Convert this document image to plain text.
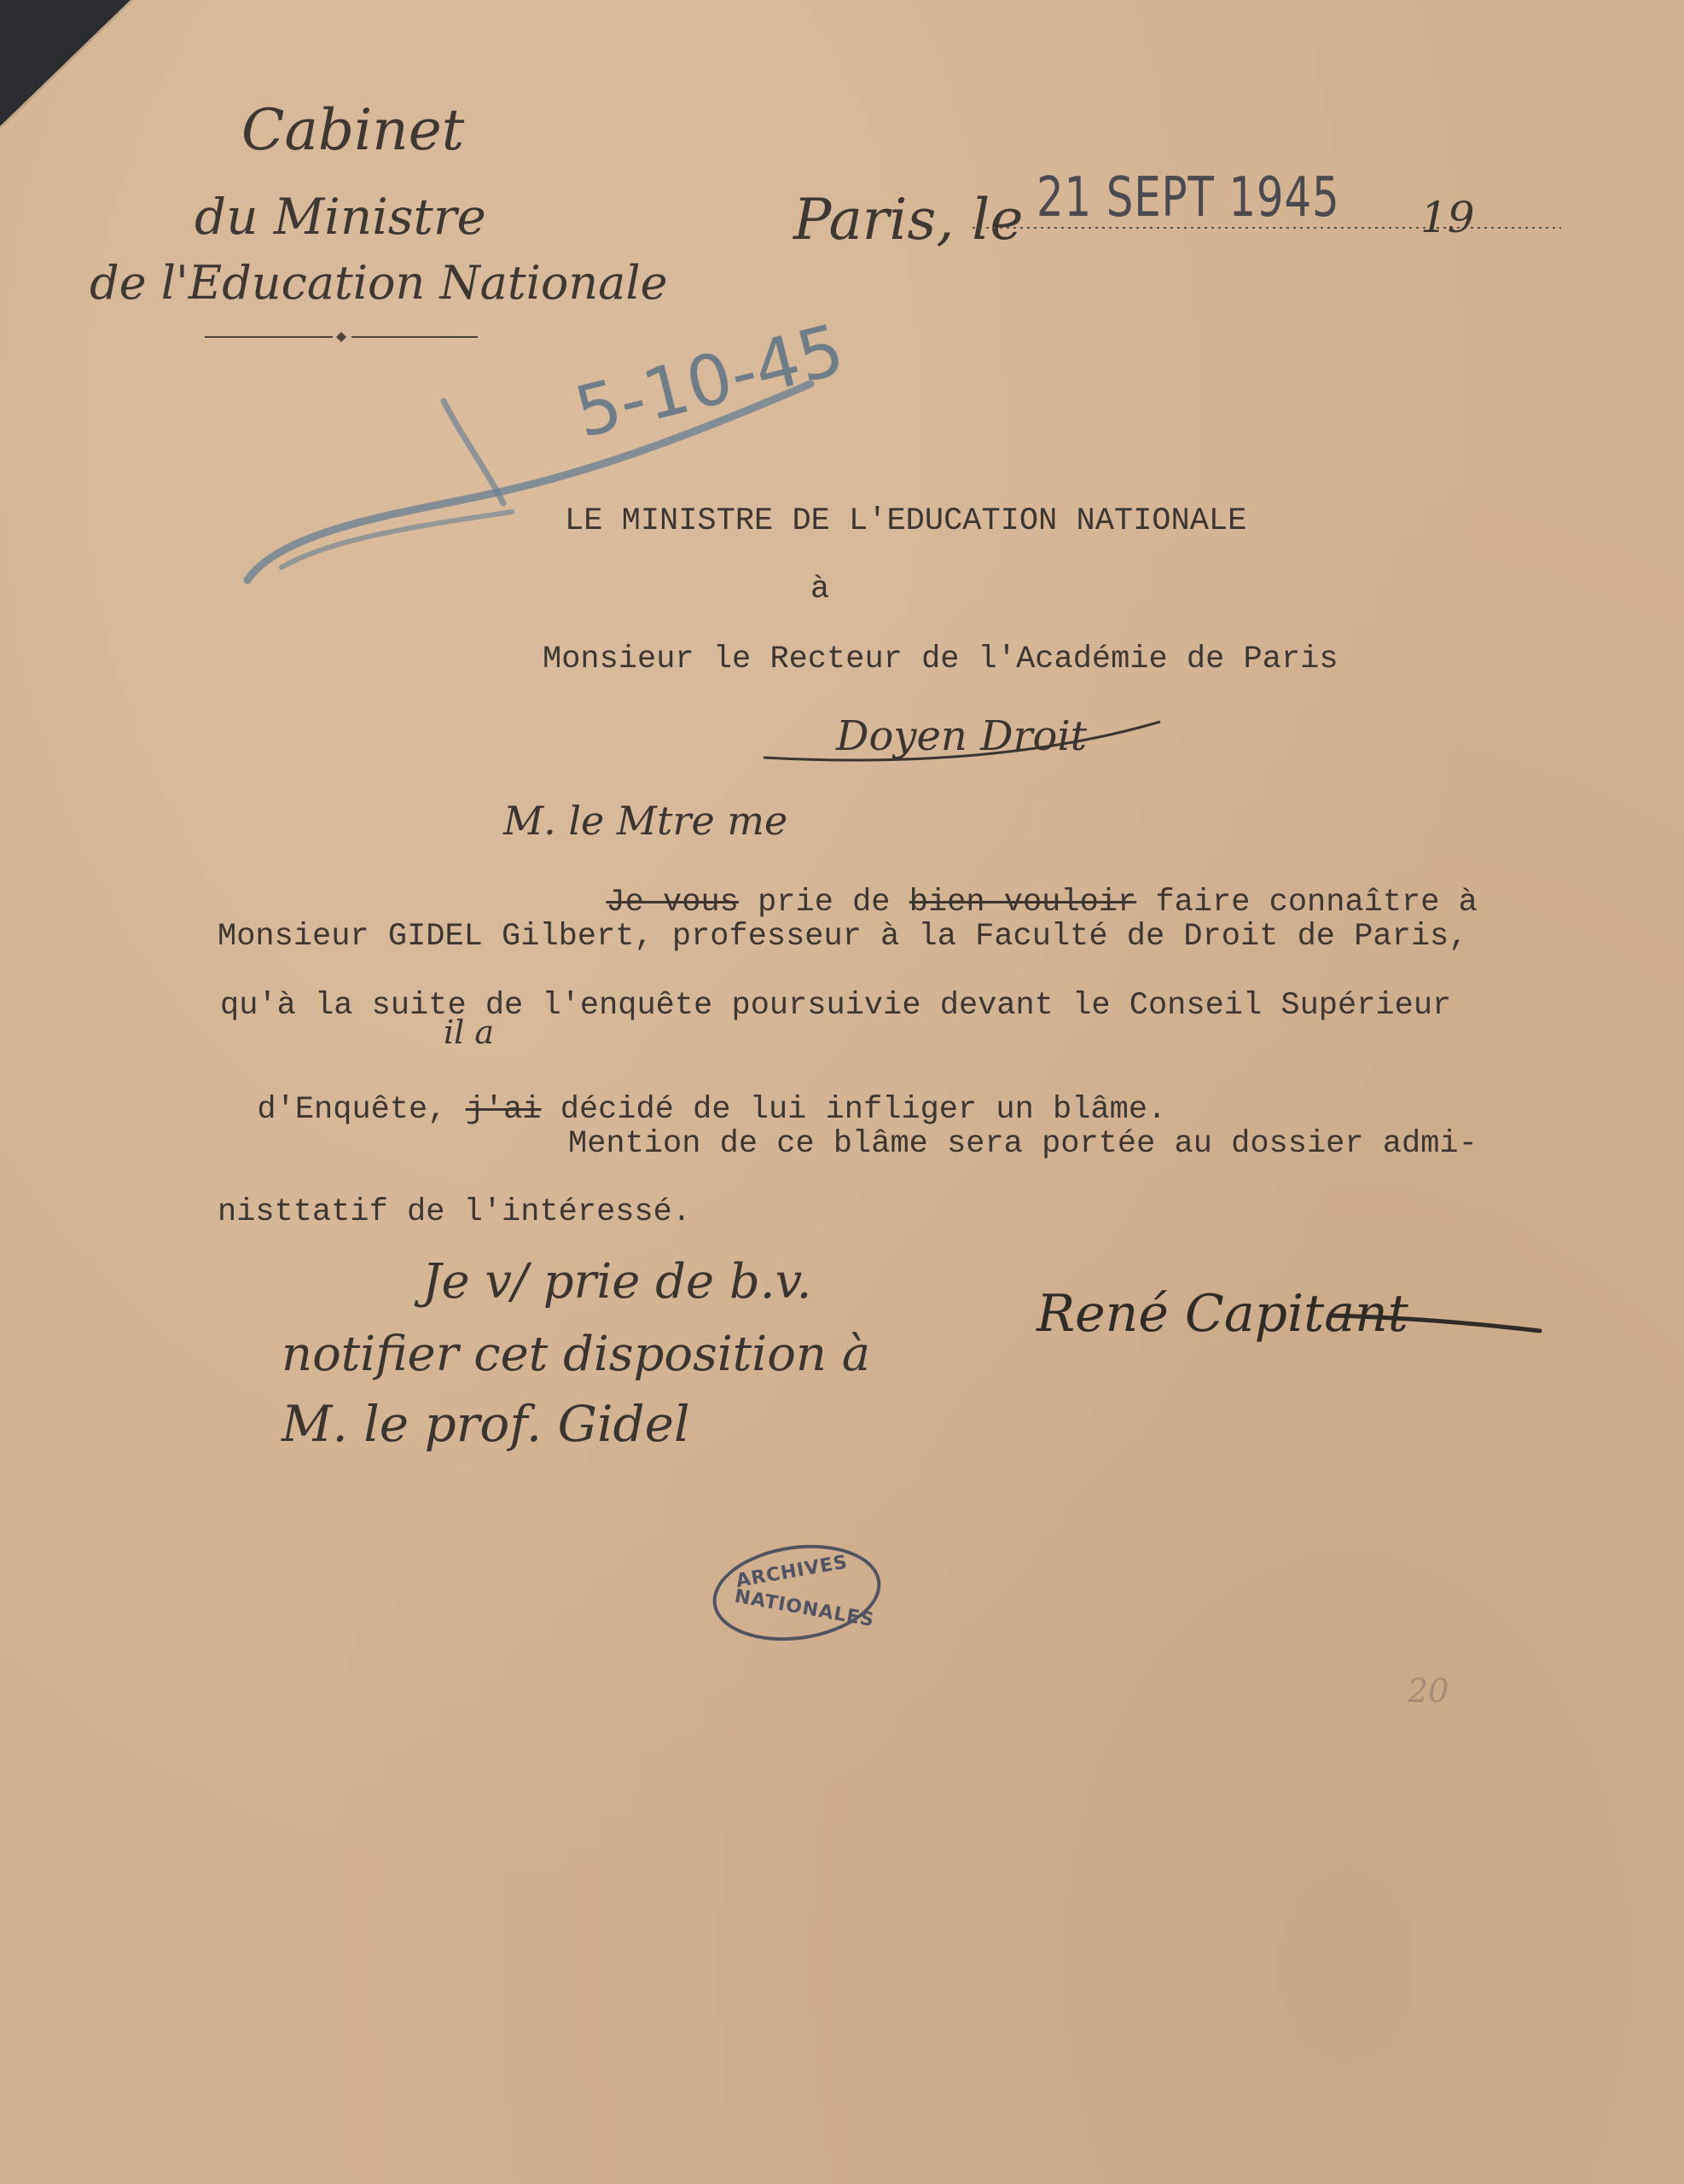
Cabinet
du Ministre
de l'Education Nationale
Paris, le 21 SEPT 1945 19
5-10-45
LE MINISTRE DE L'EDUCATION NATIONALE
à
Monsieur le Recteur de l'Académie de Paris
Doyen Droit
M. le Mtre me

Je vous prie de bien vouloir faire connaître à

Monsieur GIDEL Gilbert, professeur à la Faculté de Droit de Paris,
qu'à la suite de l'enquête poursuivie devant le Conseil Supérieur
il a

d'Enquête, j'ai décidé de lui infliger un blâme.

Mention de ce blâme sera portée au dossier admi-
nisttatif de l'intéressé.
Je v/ prie de b.v.
notifier cet disposition à
M. le prof. Gidel
René Capitant
ARCHIVES
NATIONALES
20
